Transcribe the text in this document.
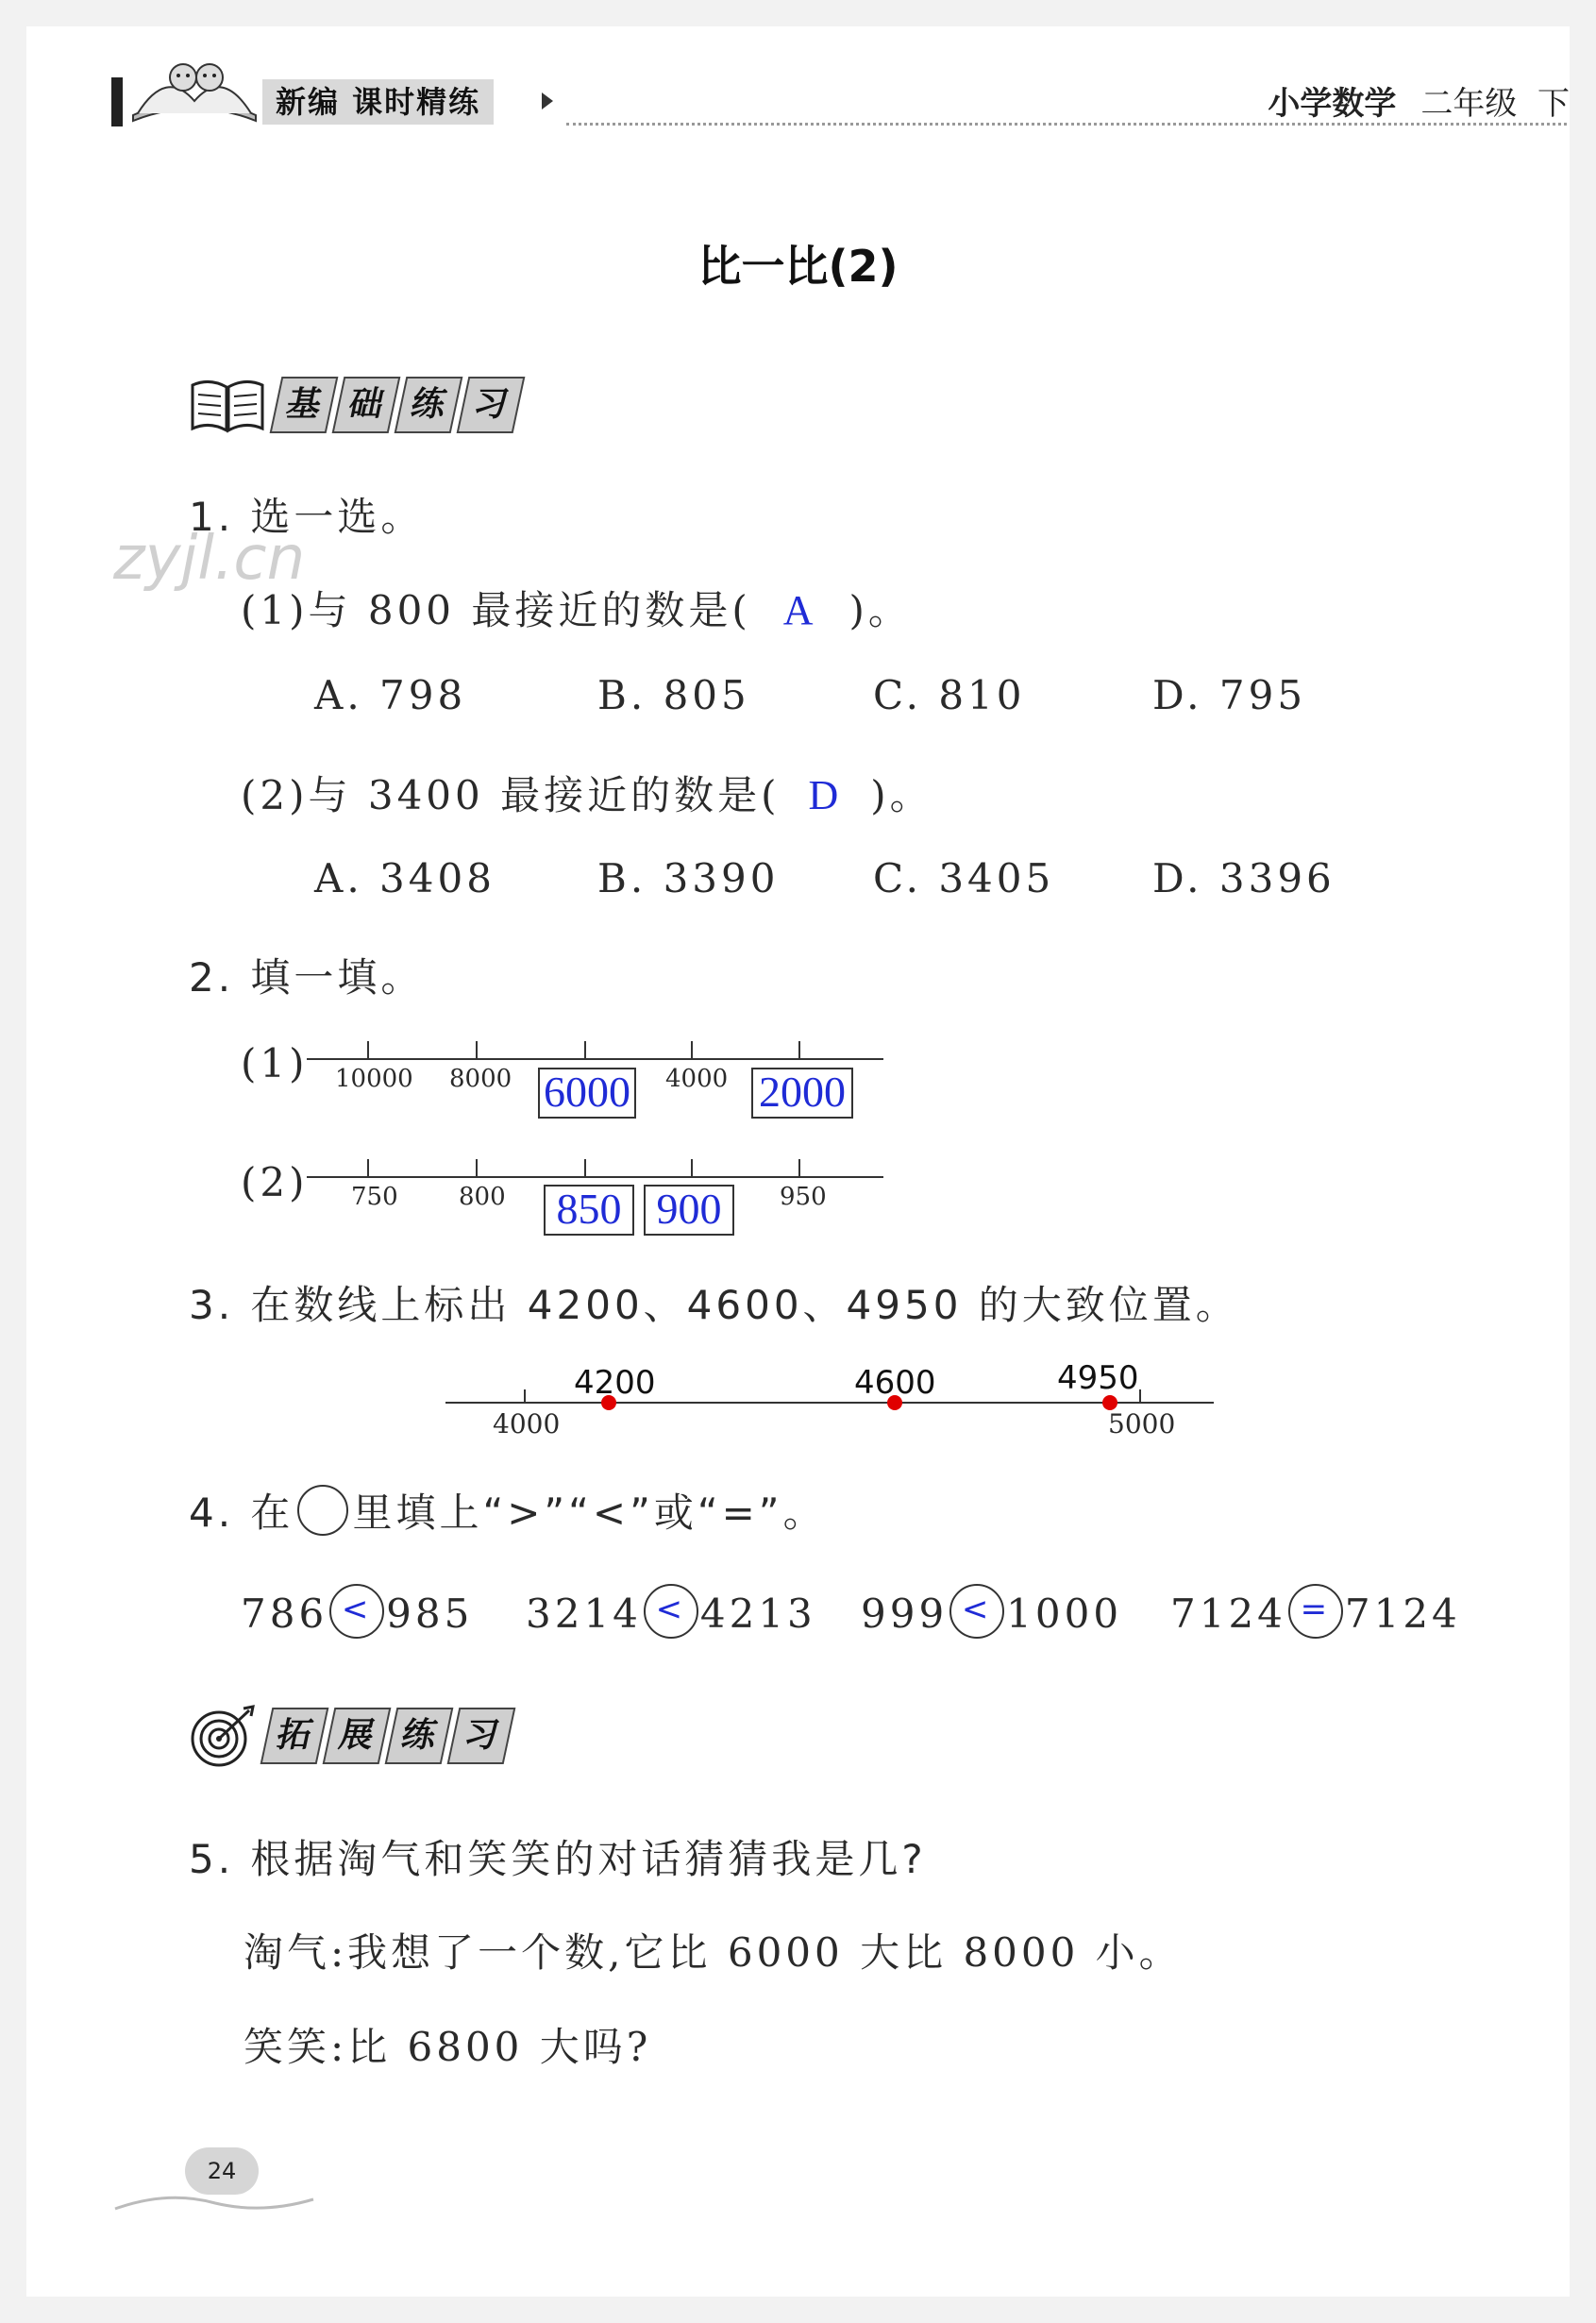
新编 课时精练	小学数学 二年级 下
比一比(2)
基 础 练 习
zyjl.cn
1. 选一选。
(1)与 800 最接近的数是( A )。
A. 798	B. 805	C. 810	D. 795
(2)与 3400 最接近的数是( D )。
A. 3408	B. 3390 C. 3405 D. 3396
2. 填一填。
(1) 10000 8000	4000
6000	2000
(2) 750 800	950
850 900
3. 在数线上标出 4200、4600、4950 的大致位置。
4200	4600	4950
4000	5000
4. 在 里填上“>”“<”或“=”。
786 < 985 3214 < 4213 999 < 1000 7124 = 7124
拓 展 练 习
5. 根据淘气和笑笑的对话猜猜我是几?
淘气:我想了一个数,它比 6000 大比 8000 小。
笑笑:比 6800 大吗?
24
